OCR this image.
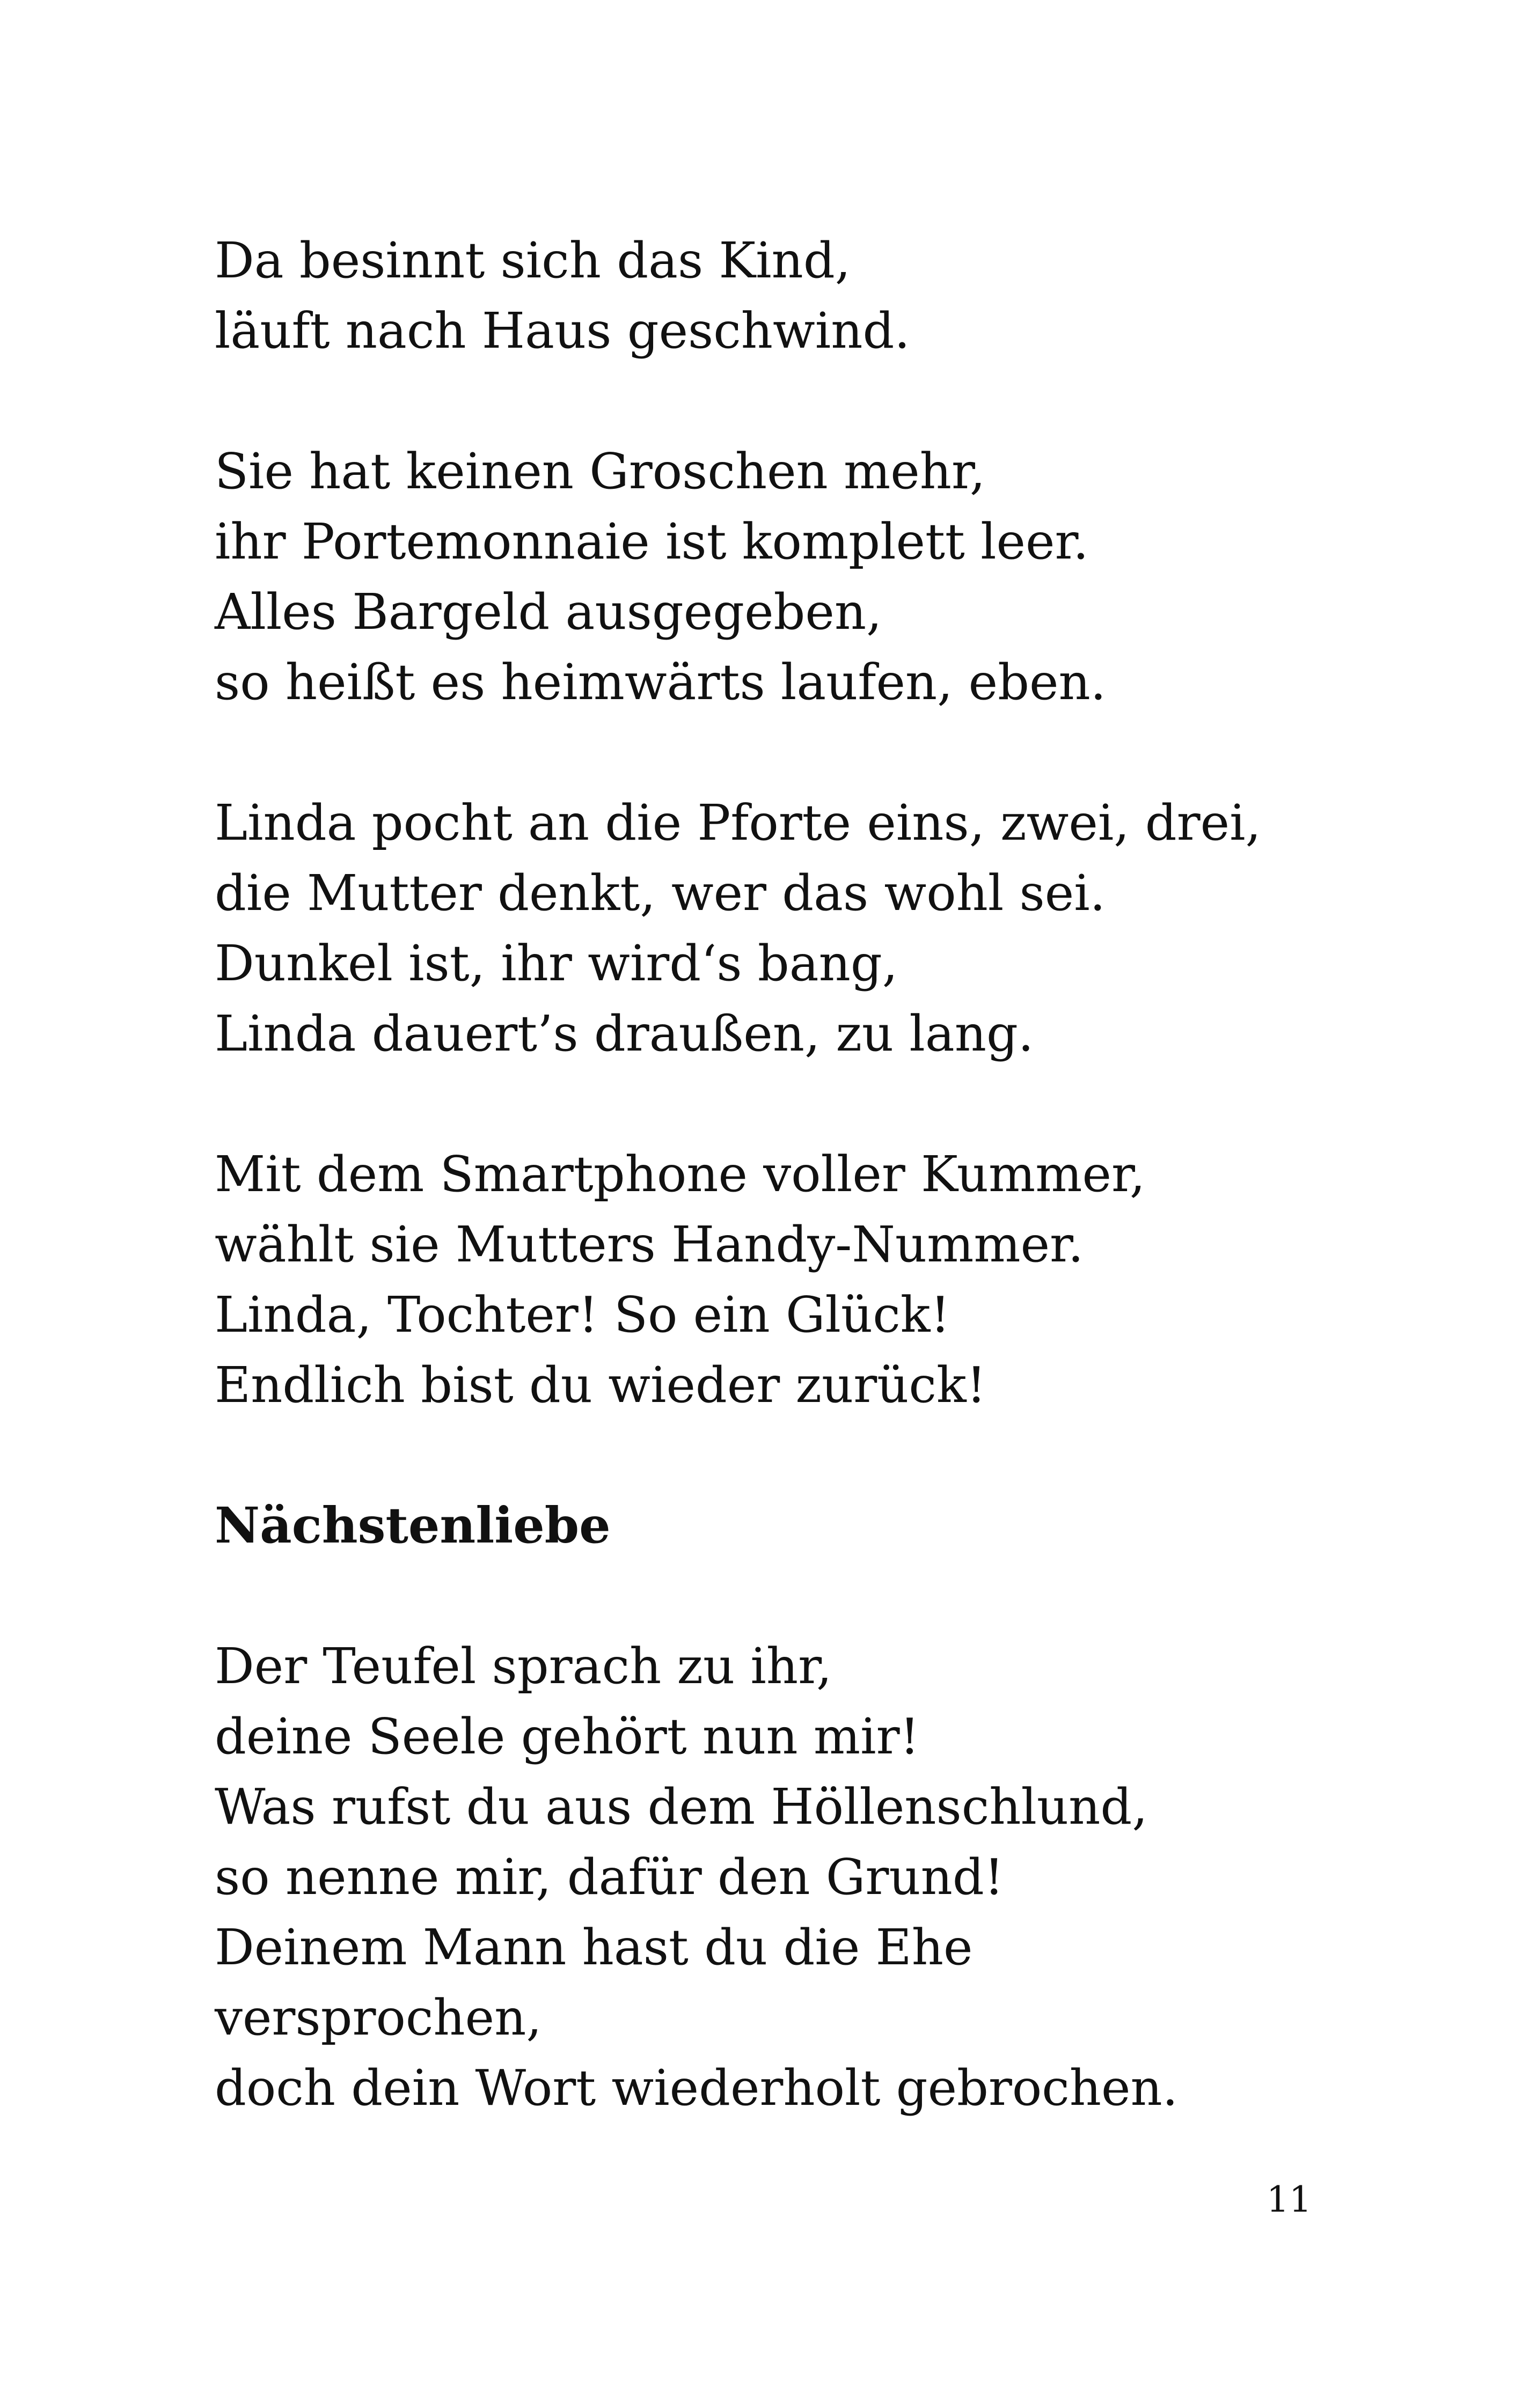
Da besinnt sich das Kind,
läuft nach Haus geschwind.
Sie hat keinen Groschen mehr,
ihr Portemonnaie ist komplett leer.
Alles Bargeld ausgegeben,
so heißt es heimwärts laufen, eben.
Linda pocht an die Pforte eins, zwei, drei,
die Mutter denkt, wer das wohl sei.
Dunkel ist, ihr wird‘s bang,
Linda dauert’s draußen, zu lang.
Mit dem Smartphone voller Kummer,
wählt sie Mutters Handy-Nummer.
Linda, Tochter! So ein Glück!
Endlich bist du wieder zurück!
Nächstenliebe
Der Teufel sprach zu ihr,
deine Seele gehört nun mir!
Was rufst du aus dem Höllenschlund,
so nenne mir, dafür den Grund!
Deinem Mann hast du die Ehe
versprochen,
doch dein Wort wiederholt gebrochen.
11
